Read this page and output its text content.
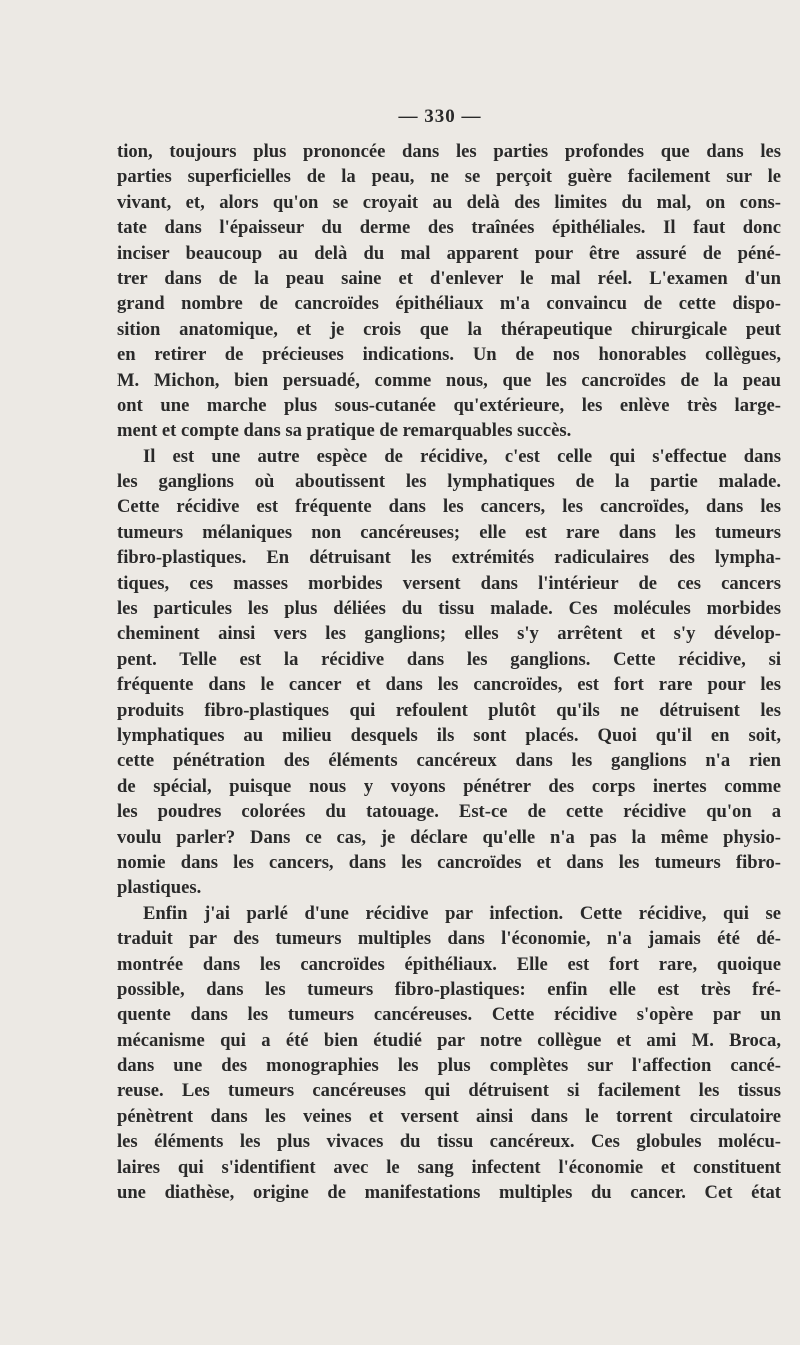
— 330 —
tion, toujours plus prononcée dans les parties profondes que dans les
parties superficielles de la peau, ne se perçoit guère facilement sur le
vivant, et, alors qu'on se croyait au delà des limites du mal, on cons-
tate dans l'épaisseur du derme des traînées épithéliales. Il faut donc
inciser beaucoup au delà du mal apparent pour être assuré de péné-
trer dans de la peau saine et d'enlever le mal réel. L'examen d'un
grand nombre de cancroïdes épithéliaux m'a convaincu de cette dispo-
sition anatomique, et je crois que la thérapeutique chirurgicale peut
en retirer de précieuses indications. Un de nos honorables collègues,
M. Michon, bien persuadé, comme nous, que les cancroïdes de la peau
ont une marche plus sous-cutanée qu'extérieure, les enlève très large-
ment et compte dans sa pratique de remarquables succès.
Il est une autre espèce de récidive, c'est celle qui s'effectue dans
les ganglions où aboutissent les lymphatiques de la partie malade.
Cette récidive est fréquente dans les cancers, les cancroïdes, dans les
tumeurs mélaniques non cancéreuses; elle est rare dans les tumeurs
fibro-plastiques. En détruisant les extrémités radiculaires des lympha-
tiques, ces masses morbides versent dans l'intérieur de ces cancers
les particules les plus déliées du tissu malade. Ces molécules morbides
cheminent ainsi vers les ganglions; elles s'y arrêtent et s'y dévelop-
pent. Telle est la récidive dans les ganglions. Cette récidive, si
fréquente dans le cancer et dans les cancroïdes, est fort rare pour les
produits fibro-plastiques qui refoulent plutôt qu'ils ne détruisent les
lymphatiques au milieu desquels ils sont placés. Quoi qu'il en soit,
cette pénétration des éléments cancéreux dans les ganglions n'a rien
de spécial, puisque nous y voyons pénétrer des corps inertes comme
les poudres colorées du tatouage. Est-ce de cette récidive qu'on a
voulu parler? Dans ce cas, je déclare qu'elle n'a pas la même physio-
nomie dans les cancers, dans les cancroïdes et dans les tumeurs fibro-
plastiques.
Enfin j'ai parlé d'une récidive par infection. Cette récidive, qui se
traduit par des tumeurs multiples dans l'économie, n'a jamais été dé-
montrée dans les cancroïdes épithéliaux. Elle est fort rare, quoique
possible, dans les tumeurs fibro-plastiques: enfin elle est très fré-
quente dans les tumeurs cancéreuses. Cette récidive s'opère par un
mécanisme qui a été bien étudié par notre collègue et ami M. Broca,
dans une des monographies les plus complètes sur l'affection cancé-
reuse. Les tumeurs cancéreuses qui détruisent si facilement les tissus
pénètrent dans les veines et versent ainsi dans le torrent circulatoire
les éléments les plus vivaces du tissu cancéreux. Ces globules molécu-
laires qui s'identifient avec le sang infectent l'économie et constituent
une diathèse, origine de manifestations multiples du cancer. Cet état
